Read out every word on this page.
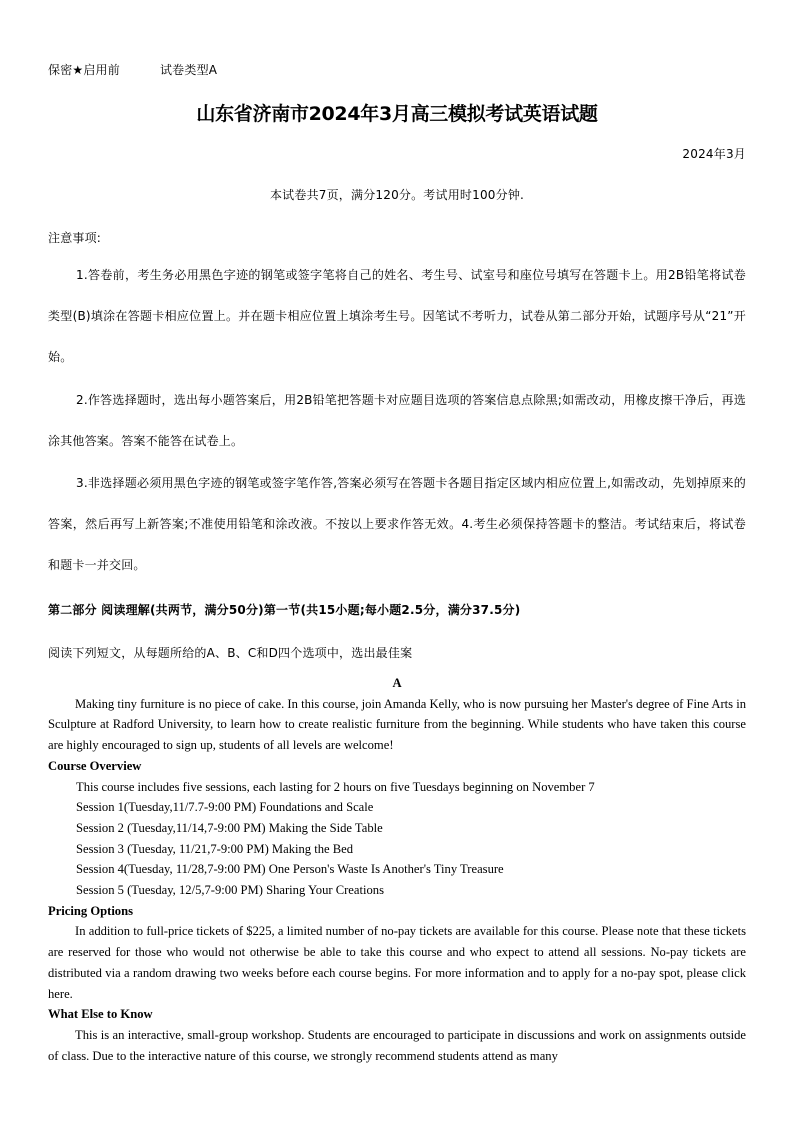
保密★启用前	试卷类型A
山东省济南市2024年3月高三模拟考试英语试题
2024年3月
本试卷共7页，满分120分。考试用时100分钟.
注意事项:

1.答卷前，考生务必用黑色字迹的钢笔或签字笔将自己的姓名、考生号、试室号和座位号填写在答题卡上。用2B铅笔将试卷类型(B)填涂在答题卡相应位置上。并在题卡相应位置上填涂考生号。因笔试不考听力，试卷从第二部分开始，试题序号从“21”开始。

2.作答选择题时，选出每小题答案后，用2B铅笔把答题卡对应题目选项的答案信息点除黑;如需改动，用橡皮擦干净后，再选涂其他答案。答案不能答在试卷上。

3.非选择题必须用黑色字迹的钢笔或签字笔作答,答案必须写在答题卡各题目指定区域内相应位置上,如需改动，先划掉原来的答案，然后再写上新答案;不准使用铅笔和涂改液。不按以上要求作答无效。4.考生必须保持答题卡的整洁。考试结束后，将试卷和题卡一并交回。

第二部分 阅读理解(共两节，满分50分)第一节(共15小题;每小题2.5分，满分37.5分)
阅读下列短文，从每题所给的A、B、C和D四个选项中，选出最佳案
A

Making tiny furniture is no piece of cake. In this course, join Amanda Kelly, who is now pursuing her Master's degree of Fine Arts in Sculpture at Radford University, to learn how to create realistic furniture from the beginning. While students who have taken this course are highly encouraged to sign up, students of all levels are welcome!

Course Overview

This course includes five sessions, each lasting for 2 hours on five Tuesdays beginning on November 7

Session 1(Tuesday,11/7.7-9:00 PM) Foundations and Scale

Session 2 (Tuesday,11/14,7-9:00 PM) Making the Side Table

Session 3 (Tuesday, 11/21,7-9:00 PM) Making the Bed

Session 4(Tuesday, 11/28,7-9:00 PM) One Person's Waste Is Another's Tiny Treasure

Session 5 (Tuesday, 12/5,7-9:00 PM) Sharing Your Creations

Pricing Options

In addition to full-price tickets of $225, a limited number of no-pay tickets are available for this course. Please note that these tickets are reserved for those who would not otherwise be able to take this course and who expect to attend all sessions. No-pay tickets are distributed via a random drawing two weeks before each course begins. For more information and to apply for a no-pay spot, please click here.

What Else to Know

This is an interactive, small-group workshop. Students are encouraged to participate in discussions and work on assignments outside of class. Due to the interactive nature of this course, we strongly recommend students attend as many
